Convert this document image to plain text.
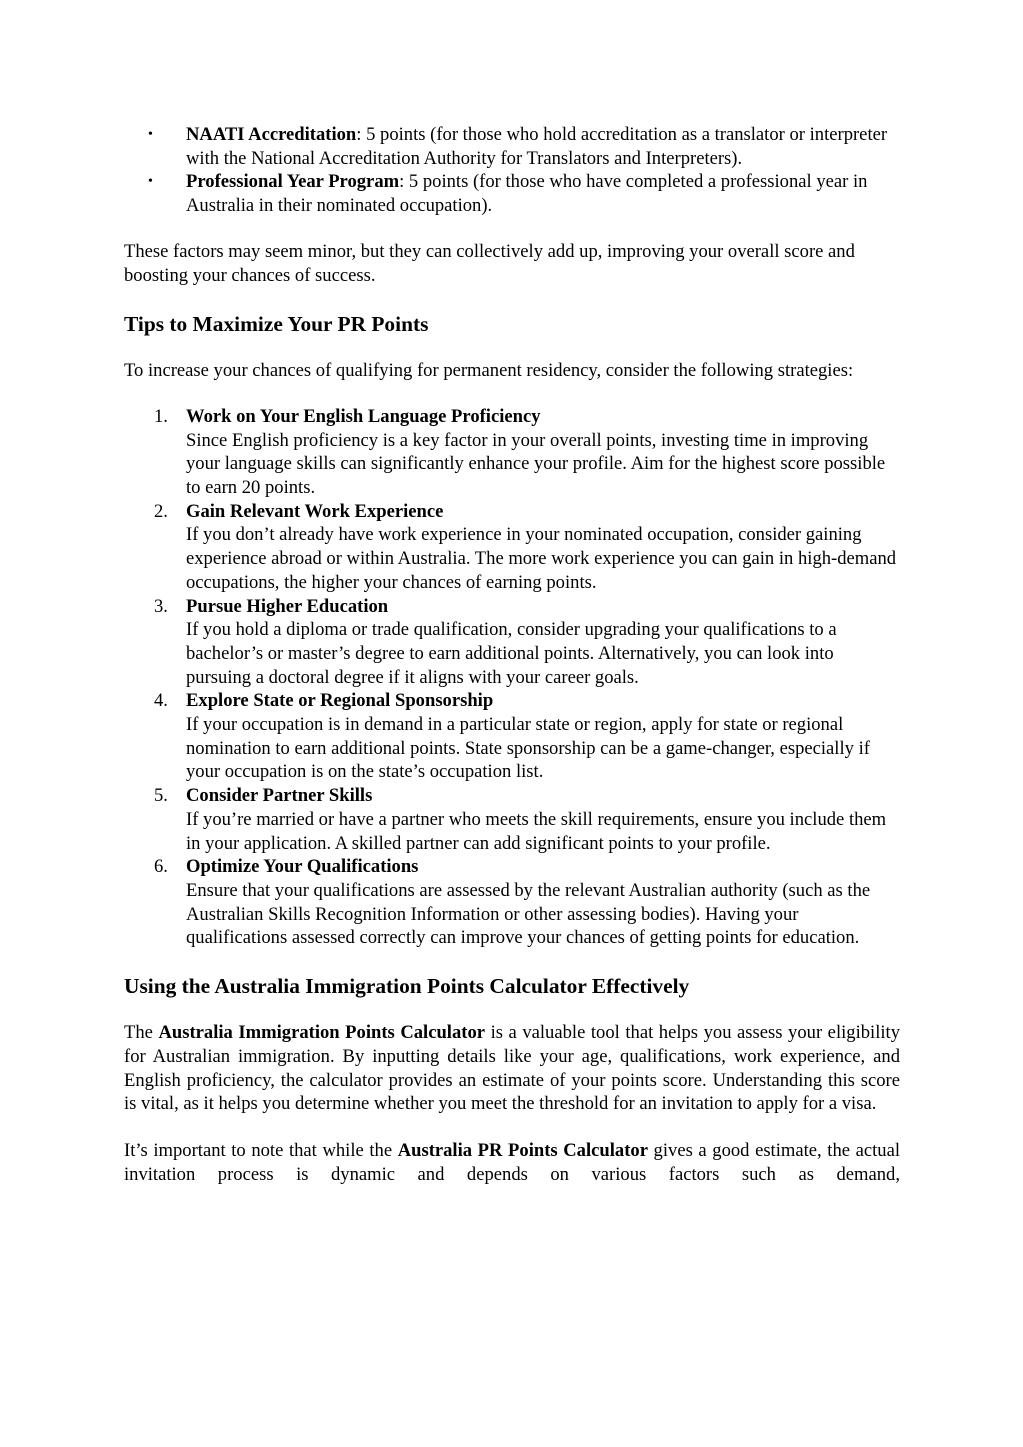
• NAATI Accreditation: 5 points (for those who hold accreditation as a translator or interpreter with the National Accreditation Authority for Translators and Interpreters).
• Professional Year Program: 5 points (for those who have completed a professional year in Australia in their nominated occupation).

These factors may seem minor, but they can collectively add up, improving your overall score and boosting your chances of success.

Tips to Maximize Your PR Points

To increase your chances of qualifying for permanent residency, consider the following strategies:

1. Work on Your English Language Proficiency
Since English proficiency is a key factor in your overall points, investing time in improving your language skills can significantly enhance your profile. Aim for the highest score possible to earn 20 points.
2. Gain Relevant Work Experience
If you don’t already have work experience in your nominated occupation, consider gaining experience abroad or within Australia. The more work experience you can gain in high-demand occupations, the higher your chances of earning points.
3. Pursue Higher Education
If you hold a diploma or trade qualification, consider upgrading your qualifications to a bachelor’s or master’s degree to earn additional points. Alternatively, you can look into pursuing a doctoral degree if it aligns with your career goals.
4. Explore State or Regional Sponsorship
If your occupation is in demand in a particular state or region, apply for state or regional nomination to earn additional points. State sponsorship can be a game-changer, especially if your occupation is on the state’s occupation list.
5. Consider Partner Skills
If you’re married or have a partner who meets the skill requirements, ensure you include them in your application. A skilled partner can add significant points to your profile.
6. Optimize Your Qualifications
Ensure that your qualifications are assessed by the relevant Australian authority (such as the Australian Skills Recognition Information or other assessing bodies). Having your qualifications assessed correctly can improve your chances of getting points for education.
Using the Australia Immigration Points Calculator Effectively

The Australia Immigration Points Calculator is a valuable tool that helps you assess your eligibility for Australian immigration. By inputting details like your age, qualifications, work experience, and English proficiency, the calculator provides an estimate of your points score. Understanding this score is vital, as it helps you determine whether you meet the threshold for an invitation to apply for a visa.

It’s important to note that while the Australia PR Points Calculator gives a good estimate, the actual invitation process is dynamic and depends on various factors such as demand,
